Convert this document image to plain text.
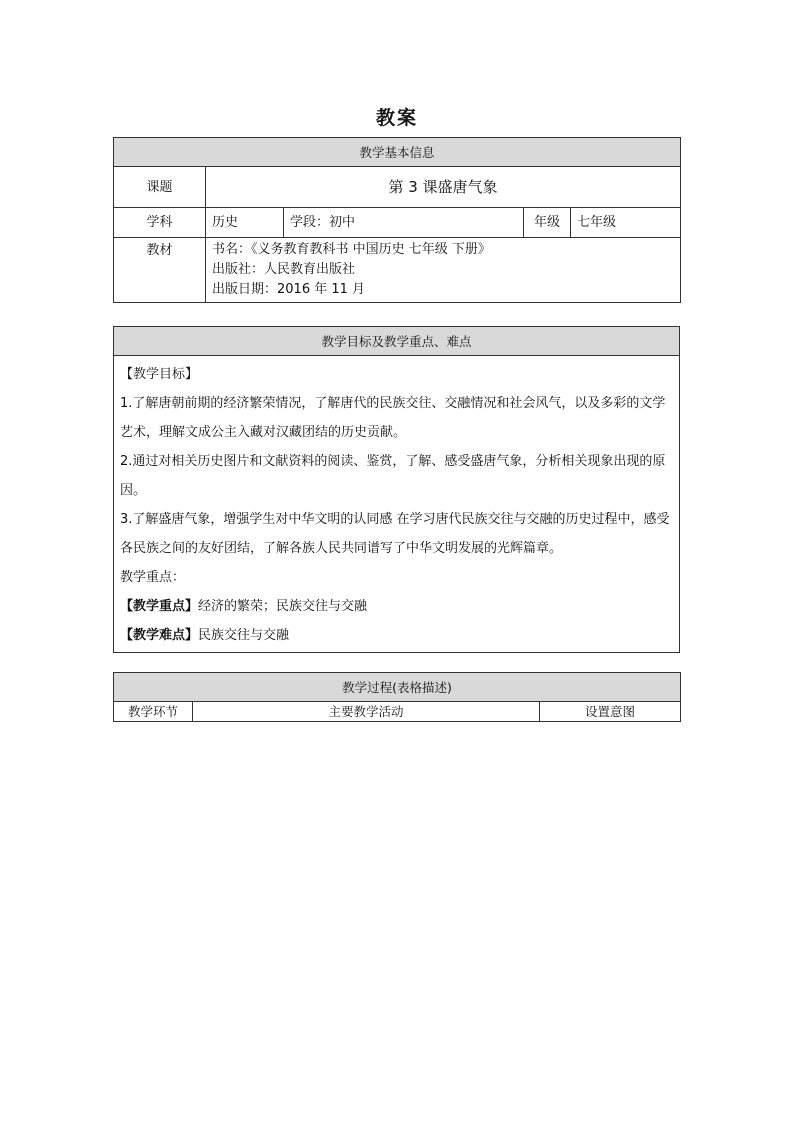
教案
教学基本信息				
课题	第 3 课盛唐气象			
学科	历史	学段：初中	年级	七年级
教材	书名：《义务教育教科书 中国历史 七年级 下册》
出版社：人民教育出版社
出版日期：2016 年 11 月			
教学目标及教学重点、难点

【教学目标】

1.了解唐朝前期的经济繁荣情况，了解唐代的民族交往、交融情况和社会风气，以及多彩的文学艺术，理解文成公主入藏对汉藏团结的历史贡献。

2.通过对相关历史图片和文献资料的阅读、鉴赏，了解、感受盛唐气象，分析相关现象出现的原因。

3.了解盛唐气象，增强学生对中华文明的认同感 在学习唐代民族交往与交融的历史过程中，感受各民族之间的友好团结，了解各族人民共同谱写了中华文明发展的光辉篇章。

教学重点：

【教学重点】经济的繁荣；民族交往与交融

【教学难点】民族交往与交融

教学过程(表格描述)
教学环节	主要教学活动	设置意图
